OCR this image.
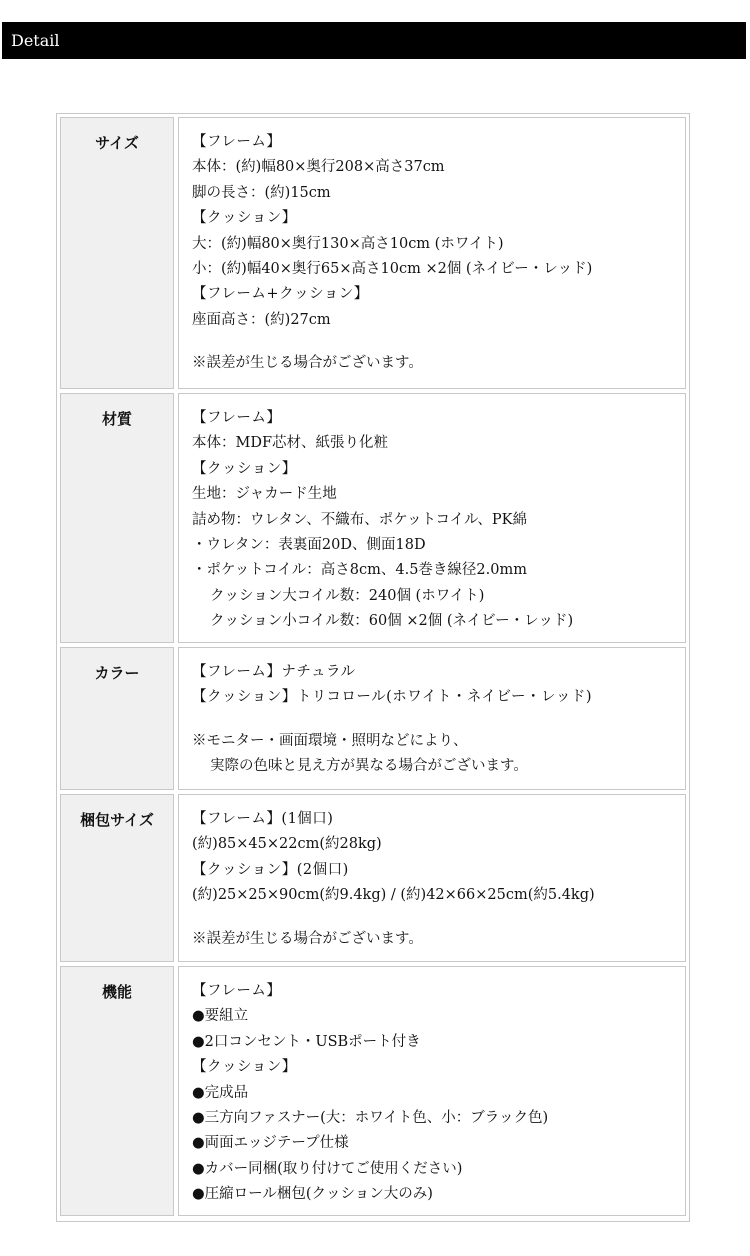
Detail
サイズ	【フレーム】
本体：(約)幅80×奥行208×高さ37cm
脚の長さ：(約)15cm
【クッション】
大：(約)幅80×奥行130×高さ10cm (ホワイト)
小：(約)幅40×奥行65×高さ10cm ×2個 (ネイビー・レッド)
【フレーム+クッション】
座面高さ：(約)27cm
※誤差が生じる場合がございます。
材質	【フレーム】
本体：MDF芯材、紙張り化粧
【クッション】
生地：ジャカード生地
詰め物：ウレタン、不織布、ポケットコイル、PK綿
・ウレタン：表裏面20D、側面18D
・ポケットコイル：高さ8cm、4.5巻き線径2.0mm
クッション大コイル数：240個 (ホワイト)
クッション小コイル数：60個 ×2個 (ネイビー・レッド)
カラー	【フレーム】ナチュラル
【クッション】トリコロール(ホワイト・ネイビー・レッド)
※モニター・画面環境・照明などにより、
実際の色味と見え方が異なる場合がございます。
梱包サイズ	【フレーム】(1個口)
(約)85×45×22cm(約28kg)
【クッション】(2個口)
(約)25×25×90cm(約9.4kg) / (約)42×66×25cm(約5.4kg)
※誤差が生じる場合がございます。
機能	【フレーム】
●要組立
●2口コンセント・USBポート付き
【クッション】
●完成品
●三方向ファスナー(大：ホワイト色、小：ブラック色)
●両面エッジテープ仕様
●カバー同梱(取り付けてご使用ください)
●圧縮ロール梱包(クッション大のみ)
